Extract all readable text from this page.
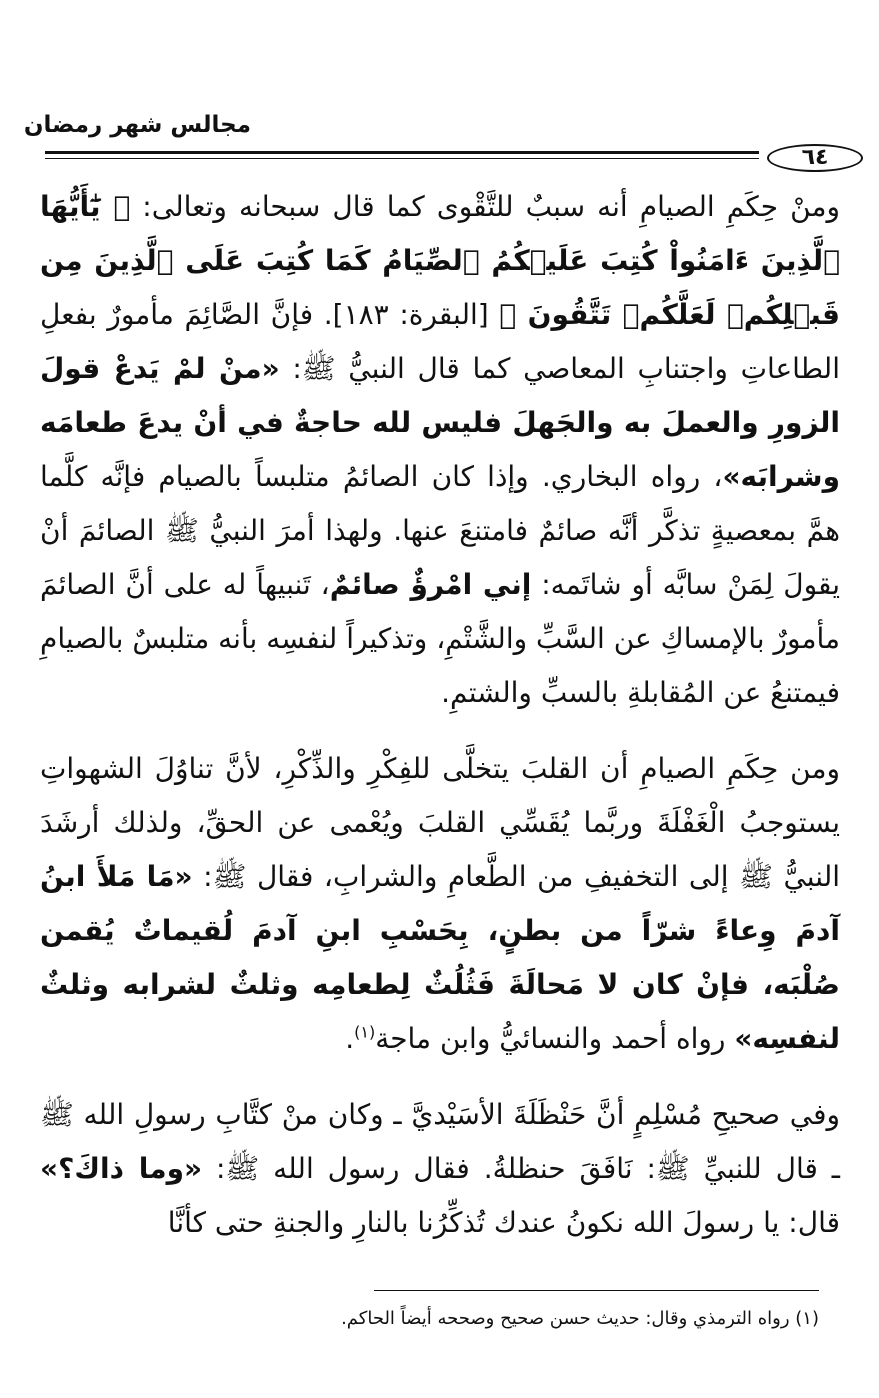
مجالس شهر رمضان
٦٤

ومنْ حِكَمِ الصيامِ أنه سببٌ للتَّقْوى كما قال سبحانه وتعالى: ﴿ يَٰٓأَيُّهَا ٱلَّذِينَ ءَامَنُواْ كُتِبَ عَلَيۡكُمُ ٱلصِّيَامُ كَمَا كُتِبَ عَلَى ٱلَّذِينَ مِن قَبۡلِكُمۡ لَعَلَّكُمۡ تَتَّقُونَ ﴾ [البقرة: ١٨٣]. فإنَّ الصَّائِمَ مأمورٌ بفعلِ الطاعاتِ واجتنابِ المعاصي كما قال النبيُّ ﷺ: «منْ لمْ يَدعْ قولَ الزورِ والعملَ به والجَهلَ فليس لله حاجةٌ في أنْ يدعَ طعامَه وشرابَه»، رواه البخاري. وإذا كان الصائمُ متلبساً بالصيام فإنَّه كلَّما همَّ بمعصيةٍ تذكَّر أنَّه صائمٌ فامتنعَ عنها. ولهذا أمرَ النبيُّ ﷺ الصائمَ أنْ يقولَ لِمَنْ سابَّه أو شاتَمه: إني امْرؤٌ صائمٌ، تَنبيهاً له على أنَّ الصائمَ مأمورٌ بالإمساكِ عن السَّبِّ والشَّتْمِ، وتذكيراً لنفسِه بأنه متلبسٌ بالصيامِ فيمتنعُ عن المُقابلةِ بالسبِّ والشتمِ.

ومن حِكَمِ الصيامِ أن القلبَ يتخلَّى للفِكْرِ والذِّكْرِ، لأنَّ تناوُلَ الشهواتِ يستوجبُ الْغَفْلَةَ وربَّما يُقَسِّي القلبَ ويُعْمى عن الحقِّ، ولذلك أرشَدَ النبيُّ ﷺ إلى التخفيفِ من الطَّعامِ والشرابِ، فقال ﷺ: «مَا مَلأَ ابنُ آدمَ وِعاءً شرّاً من بطنٍ، بِحَسْبِ ابنِ آدمَ لُقيماتٌ يُقمن صُلْبَه، فإنْ كان لا مَحالَةَ فَثُلُثٌ لِطعامِه وثلثٌ لشرابه وثلثٌ لنفسِه» رواه أحمد والنسائيُّ وابن ماجة$^{(١)}$.

وفي صحيحِ مُسْلِمٍ أنَّ حَنْظَلَةَ الأسَيْديَّ ـ وكان منْ كتَّابِ رسولِ الله ﷺ ـ قال للنبيِّ ﷺ: نَافَقَ حنظلةُ. فقال رسول الله ﷺ: «وما ذاكَ؟» قال: يا رسولَ الله نكونُ عندك تُذكِّرُنا بالنارِ والجنةِ حتى كأنَّا

(١) رواه الترمذي وقال: حديث حسن صحيح وصححه أيضاً الحاكم.
